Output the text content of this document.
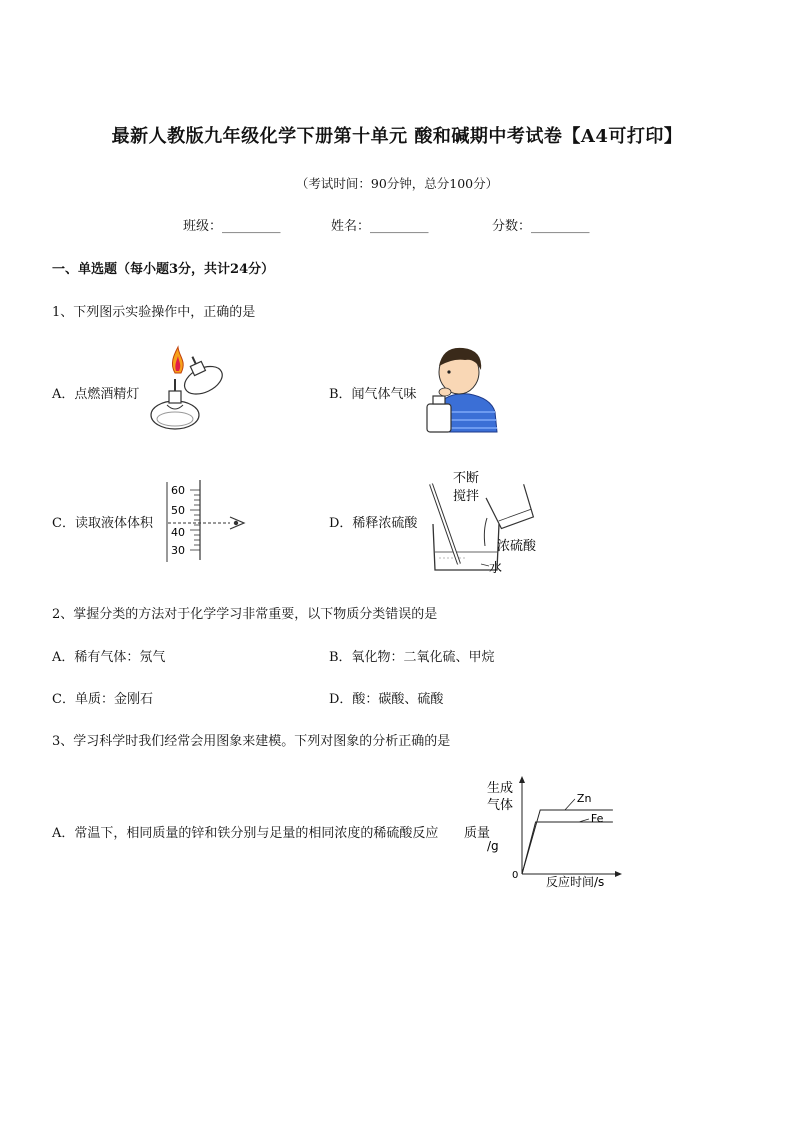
最新人教版九年级化学下册第十单元 酸和碱期中考试卷【A4可打印】
（考试时间：90分钟，总分100分）
班级：_________	姓名：_________	分数：_________
一、单选题（每小题3分，共计24分）
1、下列图示实验操作中，正确的是
A．点燃酒精灯	B．闻气体气味
C．读取液体体积
60
50
40
30
D．稀释浓硫酸
不断
搅拌
浓硫酸
水
2、掌握分类的方法对于化学学习非常重要，以下物质分类错误的是
A．稀有气体：氖气	B．氧化物：二氧化硫、甲烷
C．单质：金刚石	D．酸：碳酸、硫酸
3、学习科学时我们经常会用图象来建模。下列对图象的分析正确的是
A．常温下，相同质量的锌和铁分别与足量的相同浓度的稀硫酸反应
生成
气体
/g
0 反应时间/s
Zn
Fe
质量
